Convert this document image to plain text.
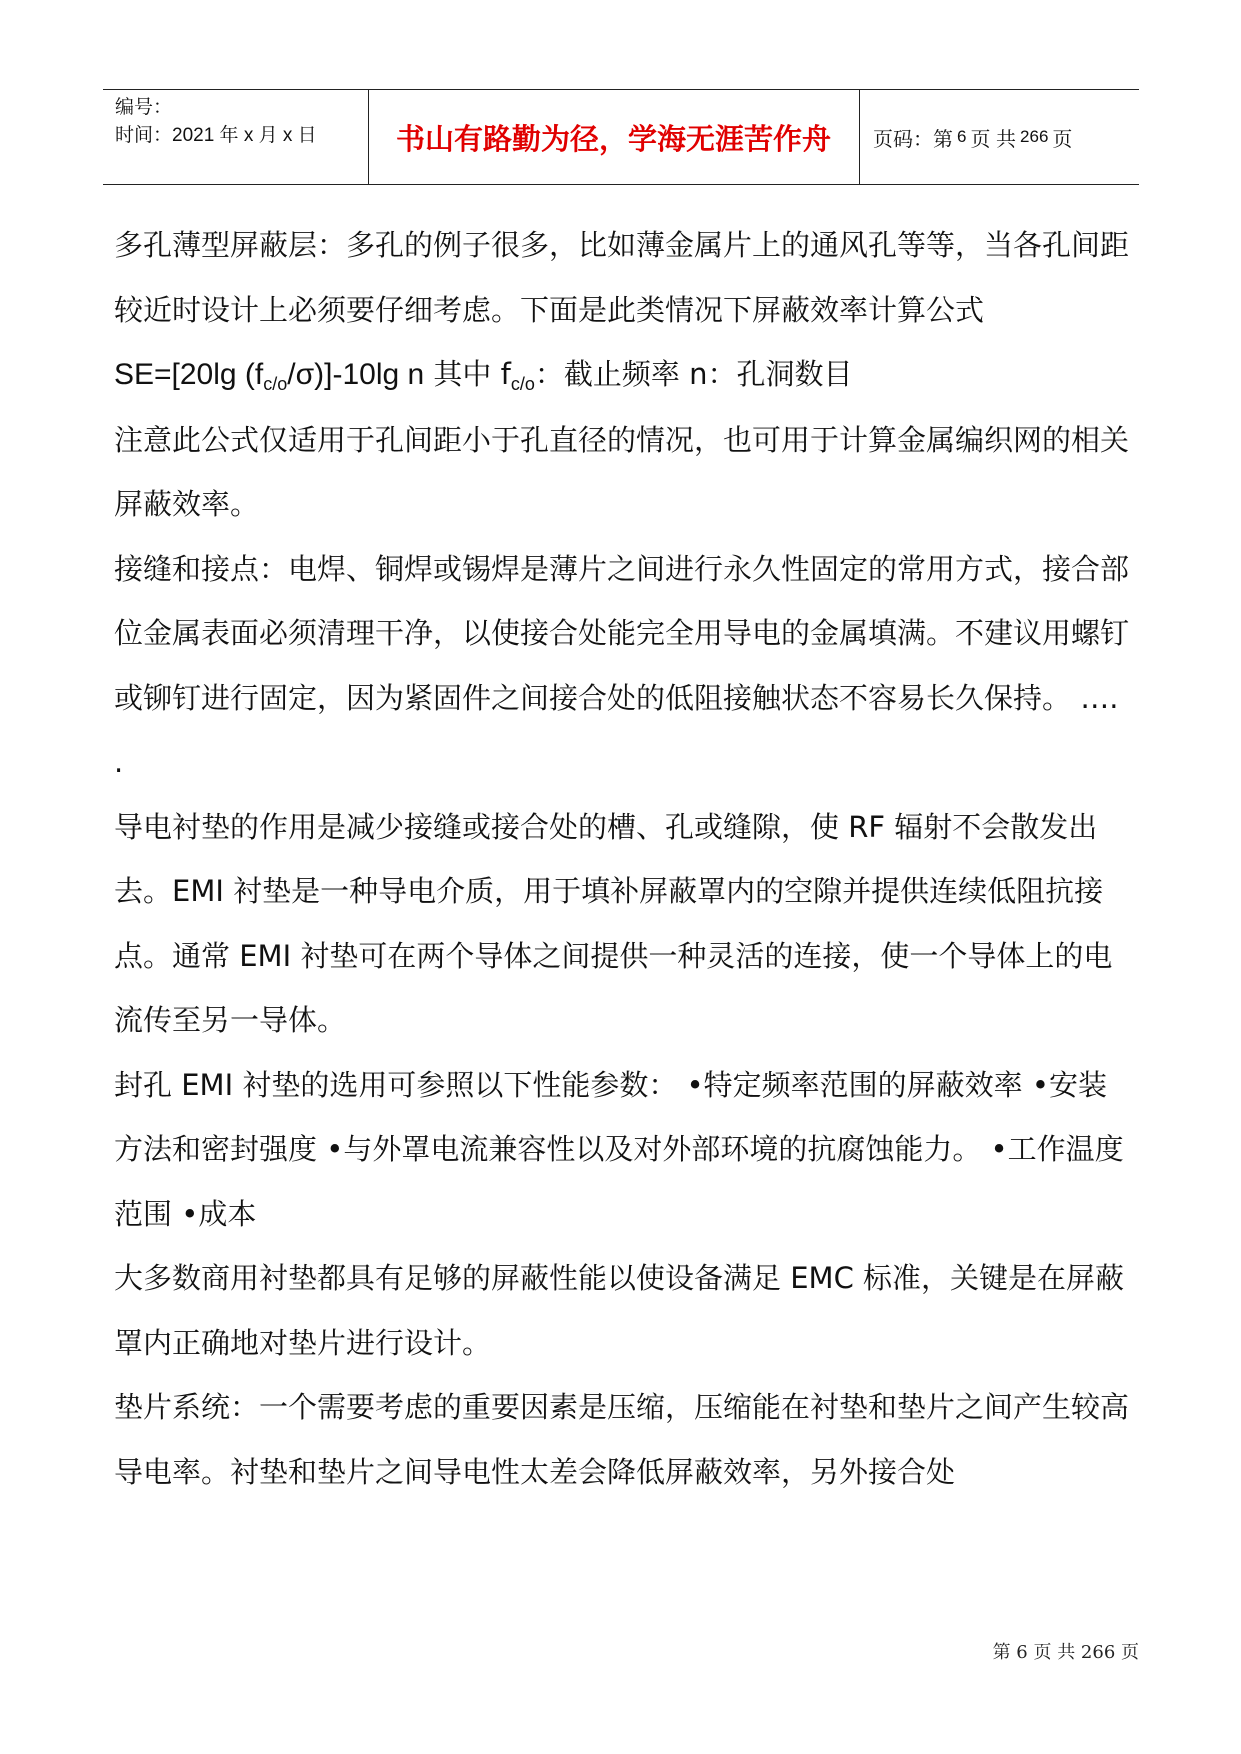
编号：
时间：2021 年 x 月 x 日	书山有路勤为径，学海无涯苦作舟	页码：第 6 页 共 266 页

多孔薄型屏蔽层：多孔的例子很多，比如薄金属片上的通风孔等等，当各孔间距较近时设计上必须要仔细考虑。下面是此类情况下屏蔽效率计算公式

SE=[20lg $(f_{c/o}/\sigma)]-10\lg$ n 其中 $f_{c/o}$：截止频率 n：孔洞数目

注意此公式仅适用于孔间距小于孔直径的情况，也可用于计算金属编织网的相关屏蔽效率。

接缝和接点：电焊、铜焊或锡焊是薄片之间进行永久性固定的常用方式，接合部位金属表面必须清理干净，以使接合处能完全用导电的金属填满。不建议用螺钉或铆钉进行固定，因为紧固件之间接合处的低阻接触状态不容易长久保持。 …. .

导电衬垫的作用是减少接缝或接合处的槽、孔或缝隙，使 RF 辐射不会散发出去。EMI 衬垫是一种导电介质，用于填补屏蔽罩内的空隙并提供连续低阻抗接点。通常 EMI 衬垫可在两个导体之间提供一种灵活的连接，使一个导体上的电流传至另一导体。

封孔 EMI 衬垫的选用可参照以下性能参数： •特定频率范围的屏蔽效率 •安装方法和密封强度 •与外罩电流兼容性以及对外部环境的抗腐蚀能力。 •工作温度范围 •成本

大多数商用衬垫都具有足够的屏蔽性能以使设备满足 EMC 标准，关键是在屏蔽罩内正确地对垫片进行设计。

垫片系统：一个需要考虑的重要因素是压缩，压缩能在衬垫和垫片之间产生较高导电率。衬垫和垫片之间导电性太差会降低屏蔽效率，另外接合处

第 6 页 共 266 页
